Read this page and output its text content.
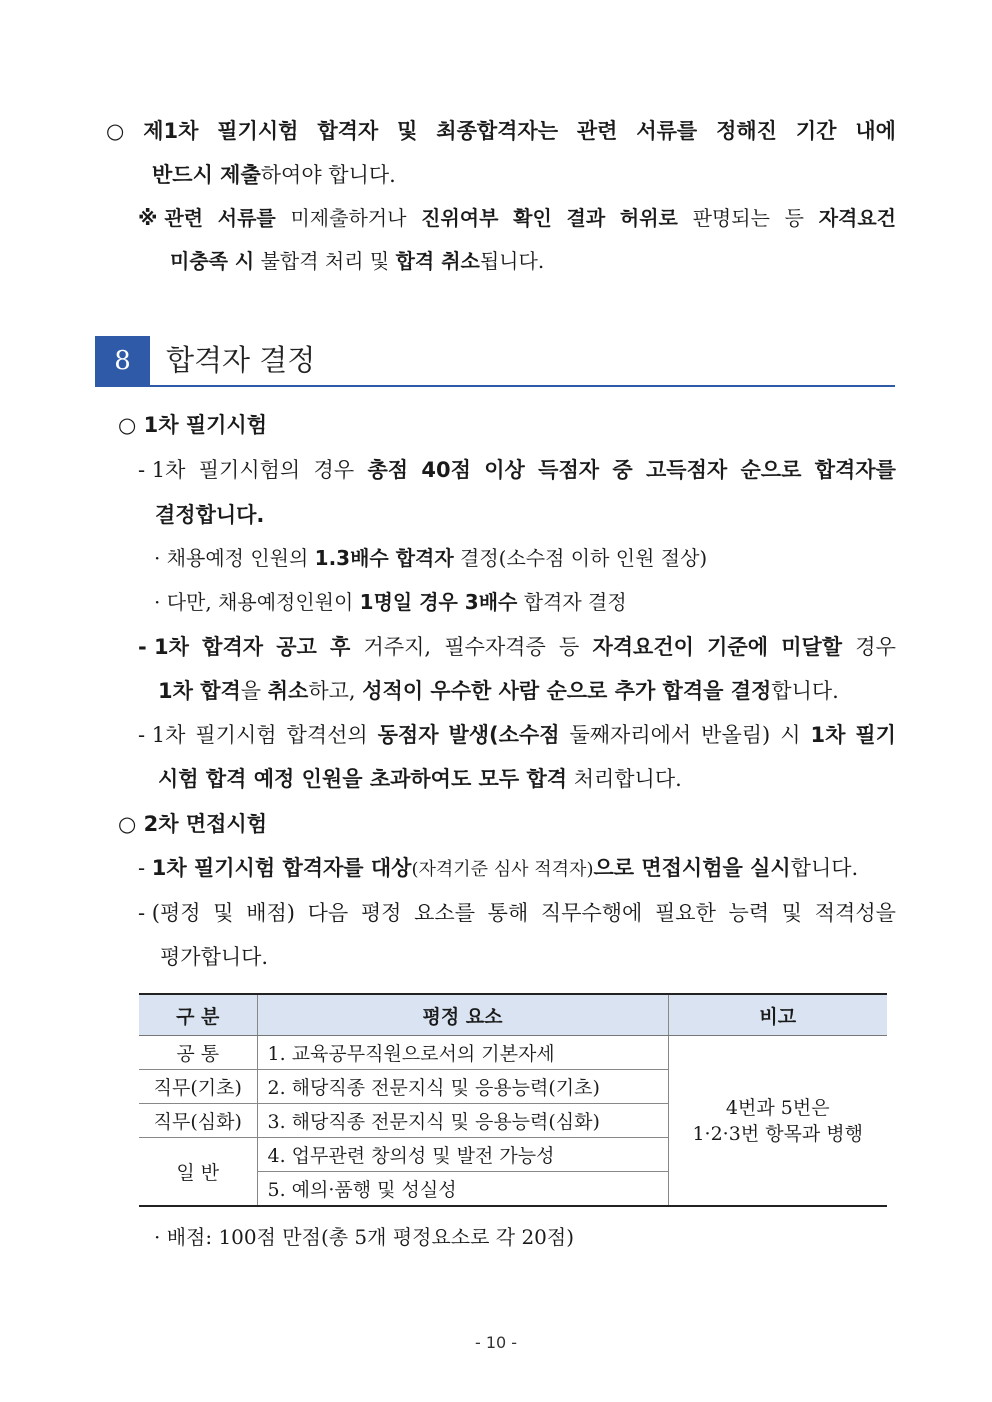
○ 제1차 필기시험 합격자 및 최종합격자는 관련 서류를 정해진 기간 내에
반드시 제출하여야 합니다.
※ 관련 서류를 미제출하거나 진위여부 확인 결과 허위로 판명되는 등 자격요건
미충족 시 불합격 처리 및 합격 취소됩니다.
8	합격자 결정
○ 1차 필기시험
- 1차 필기시험의 경우 총점 40점 이상 득점자 중 고득점자 순으로 합격자를
결정합니다.
· 채용예정 인원의 1.3배수 합격자 결정(소수점 이하 인원 절상)
· 다만, 채용예정인원이 1명일 경우 3배수 합격자 결정
- 1차 합격자 공고 후 거주지, 필수자격증 등 자격요건이 기준에 미달할 경우
1차 합격을 취소하고, 성적이 우수한 사람 순으로 추가 합격을 결정합니다.
- 1차 필기시험 합격선의 동점자 발생(소수점 둘째자리에서 반올림) 시 1차 필기
시험 합격 예정 인원을 초과하여도 모두 합격 처리합니다.
○ 2차 면접시험
- 1차 필기시험 합격자를 대상(자격기준 심사 적격자)으로 면접시험을 실시합니다.
- (평정 및 배점) 다음 평정 요소를 통해 직무수행에 필요한 능력 및 적격성을
평가합니다.
구 분	평정 요소	비고
공 통	1. 교육공무직원으로서의 기본자세	4번과 5번은
1·2·3번 항목과 병행

직무(기초)	2. 해당직종 전문지식 및 응용능력(기초)	
직무(심화)	3. 해당직종 전문지식 및 응용능력(심화)	
일 반	4. 업무관련 창의성 및 발전 가능성	
	5. 예의·품행 및 성실성	
· 배점: 100점 만점(총 5개 평정요소로 각 20점)
- 10 -
